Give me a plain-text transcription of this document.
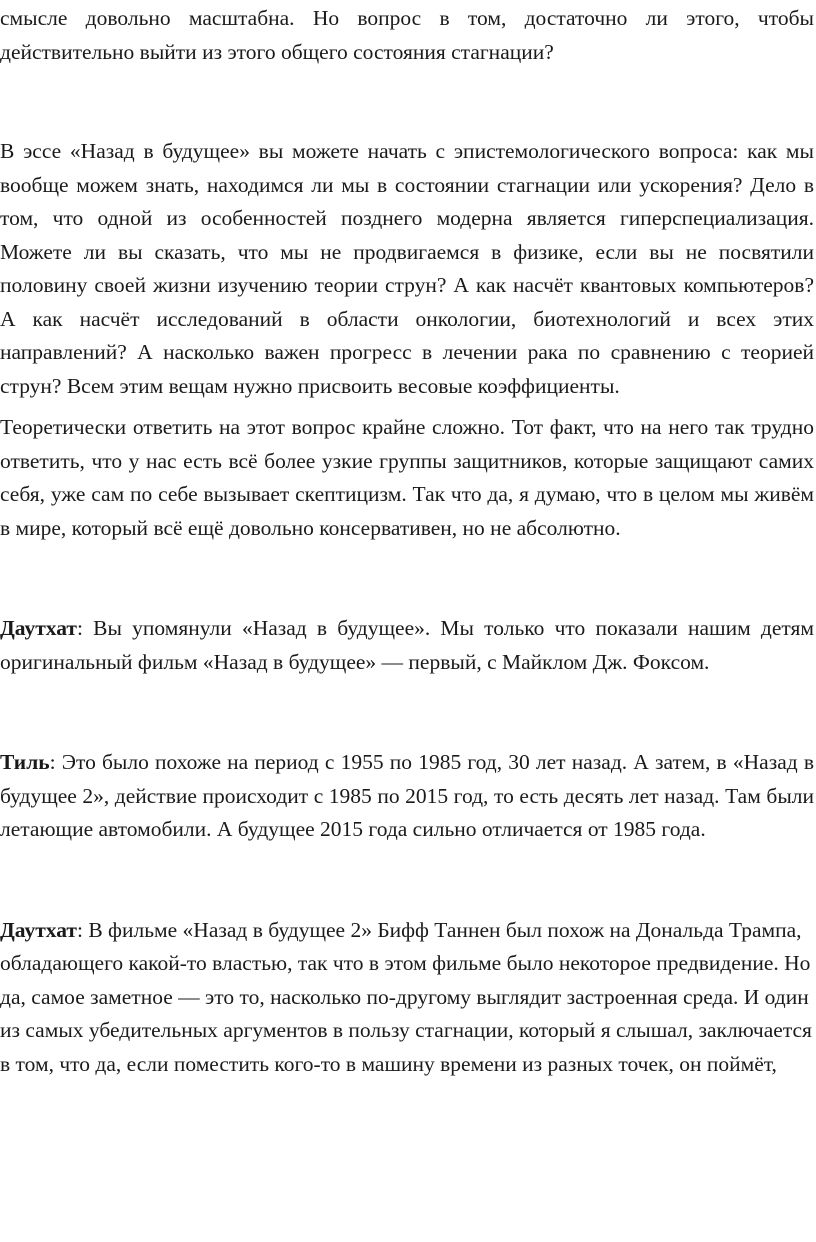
смысле довольно масштабна. Но вопрос в том, достаточно ли этого, чтобы действительно выйти из этого общего состояния стагнации?

В эссе «Назад в будущее» вы можете начать с эпистемологического вопроса: как мы вообще можем знать, находимся ли мы в состоянии стагнации или ускорения? Дело в том, что одной из особенностей позднего модерна является гиперспециализация. Можете ли вы сказать, что мы не продвигаемся в физике, если вы не посвятили половину своей жизни изучению теории струн? А как насчёт квантовых компьютеров? А как насчёт исследований в области онкологии, биотехнологий и всех этих направлений? А насколько важен прогресс в лечении рака по сравнению с теорией струн? Всем этим вещам нужно присвоить весовые коэффициенты.

Теоретически ответить на этот вопрос крайне сложно. Тот факт, что на него так трудно ответить, что у нас есть всё более узкие группы защитников, которые защищают самих себя, уже сам по себе вызывает скептицизм. Так что да, я думаю, что в целом мы живём в мире, который всё ещё довольно консервативен, но не абсолютно.

Даутхат: Вы упомянули «Назад в будущее». Мы только что показали нашим детям оригинальный фильм «Назад в будущее» — первый, с Майклом Дж. Фоксом.

Тиль: Это было похоже на период с 1955 по 1985 год, 30 лет назад. А затем, в «Назад в будущее 2», действие происходит с 1985 по 2015 год, то есть десять лет назад. Там были летающие автомобили. А будущее 2015 года сильно отличается от 1985 года.

Даутхат: В фильме «Назад в будущее 2» Бифф Таннен был похож на Дональда Трампа, обладающего какой-то властью, так что в этом фильме было некоторое предвидение. Но да, самое заметное — это то, насколько по-другому выглядит застроенная среда. И один из самых убедительных аргументов в пользу стагнации, который я слышал, заключается в том, что да, если поместить кого-то в машину времени из разных точек, он поймёт,
